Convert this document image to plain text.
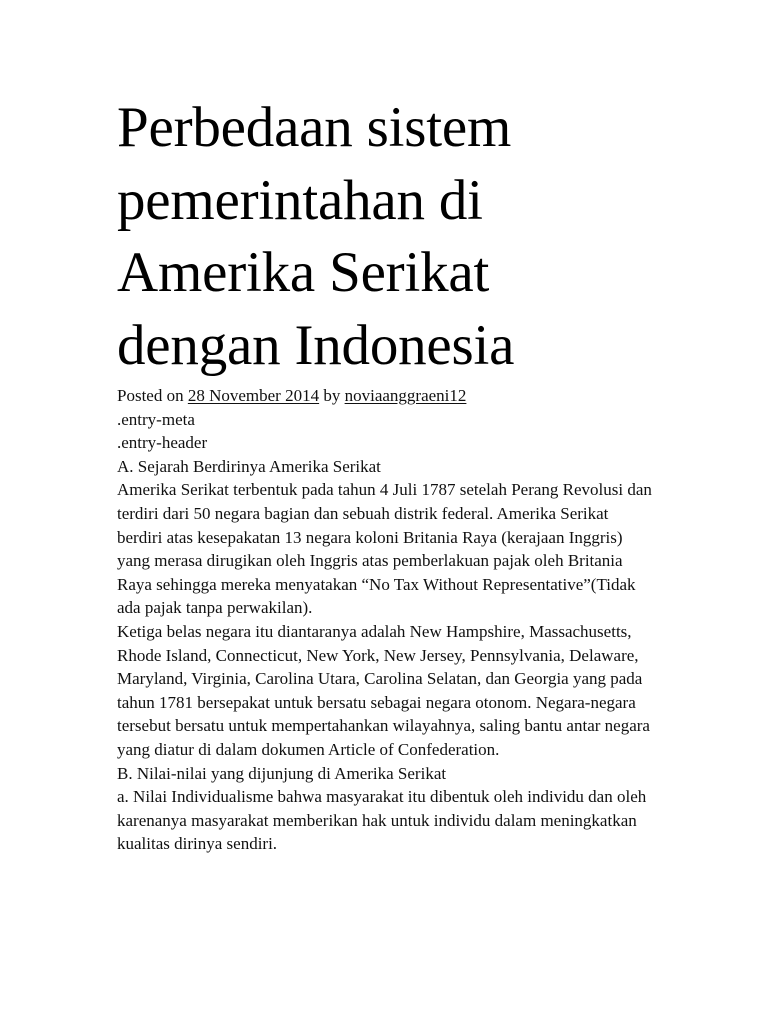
Perbedaan sistem pemerintahan di Amerika Serikat dengan Indonesia
Posted on 28 November 2014 by noviaanggraeni12
.entry-meta
.entry-header
A. Sejarah Berdirinya Amerika Serikat

Amerika Serikat terbentuk pada tahun 4 Juli 1787 setelah Perang Revolusi dan terdiri dari 50 negara bagian dan sebuah distrik federal. Amerika Serikat berdiri atas kesepakatan 13 negara koloni Britania Raya (kerajaan Inggris) yang merasa dirugikan oleh Inggris atas pemberlakuan pajak oleh Britania Raya sehingga mereka menyatakan “No Tax Without Representative”(Tidak ada pajak tanpa perwakilan).

Ketiga belas negara itu diantaranya adalah New Hampshire, Massachusetts, Rhode Island, Connecticut, New York, New Jersey, Pennsylvania, Delaware, Maryland, Virginia, Carolina Utara, Carolina Selatan, dan Georgia yang pada tahun 1781 bersepakat untuk bersatu sebagai negara otonom. Negara-negara tersebut bersatu untuk mempertahankan wilayahnya, saling bantu antar negara yang diatur di dalam dokumen Article of Confederation.

B. Nilai-nilai yang dijunjung di Amerika Serikat

a. Nilai Individualisme bahwa masyarakat itu dibentuk oleh individu dan oleh karenanya masyarakat memberikan hak untuk individu dalam meningkatkan kualitas dirinya sendiri.
